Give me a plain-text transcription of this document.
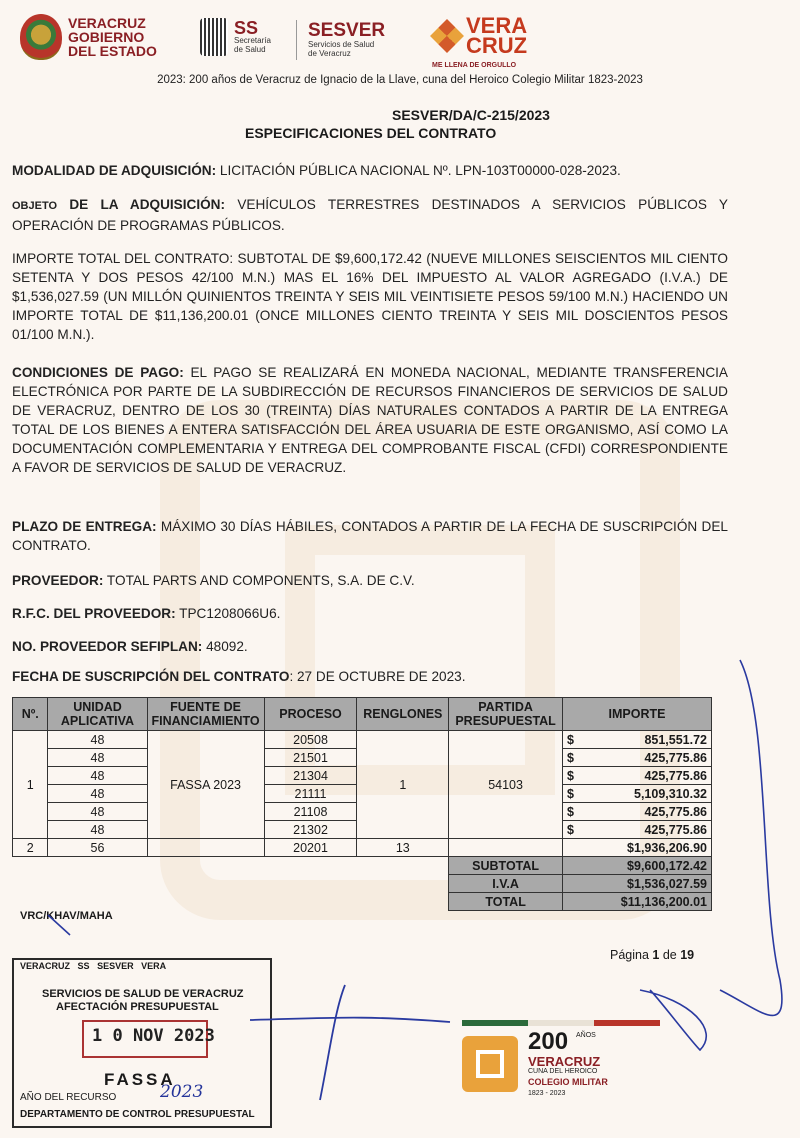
VERACRUZ
GOBIERNO
DEL ESTADO
SS
Secretaría
de Salud
SESVER
Servicios de Salud
de Veracruz
VERA
CRUZ
ME LLENA DE ORGULLO
2023: 200 años de Veracruz de Ignacio de la Llave, cuna del Heroico Colegio Militar 1823-2023
SESVER/DA/C-215/2023
ESPECIFICACIONES DEL CONTRATO
MODALIDAD DE ADQUISICIÓN: LICITACIÓN PÚBLICA NACIONAL Nº. LPN-103T00000-028-2023.
OBJETO DE LA ADQUISICIÓN: VEHÍCULOS TERRESTRES DESTINADOS A SERVICIOS PÚBLICOS Y OPERACIÓN DE PROGRAMAS PÚBLICOS.
IMPORTE TOTAL DEL CONTRATO: SUBTOTAL DE $9,600,172.42 (NUEVE MILLONES SEISCIENTOS MIL CIENTO SETENTA Y DOS PESOS 42/100 M.N.) MAS EL 16% DEL IMPUESTO AL VALOR AGREGADO (I.V.A.) DE $1,536,027.59 (UN MILLÓN QUINIENTOS TREINTA Y SEIS MIL VEINTISIETE PESOS 59/100 M.N.) HACIENDO UN IMPORTE TOTAL DE $11,136,200.01 (ONCE MILLONES CIENTO TREINTA Y SEIS MIL DOSCIENTOS PESOS 01/100 M.N.).
CONDICIONES DE PAGO: EL PAGO SE REALIZARÁ EN MONEDA NACIONAL, MEDIANTE TRANSFERENCIA ELECTRÓNICA POR PARTE DE LA SUBDIRECCIÓN DE RECURSOS FINANCIEROS DE SERVICIOS DE SALUD DE VERACRUZ, DENTRO DE LOS 30 (TREINTA) DÍAS NATURALES CONTADOS A PARTIR DE LA ENTREGA TOTAL DE LOS BIENES A ENTERA SATISFACCIÓN DEL ÁREA USUARIA DE ESTE ORGANISMO, ASÍ COMO LA DOCUMENTACIÓN COMPLEMENTARIA Y ENTREGA DEL COMPROBANTE FISCAL (CFDI) CORRESPONDIENTE A FAVOR DE SERVICIOS DE SALUD DE VERACRUZ.
PLAZO DE ENTREGA: MÁXIMO 30 DÍAS HÁBILES, CONTADOS A PARTIR DE LA FECHA DE SUSCRIPCIÓN DEL CONTRATO.
PROVEEDOR: TOTAL PARTS AND COMPONENTS, S.A. DE C.V.
R.F.C. DEL PROVEEDOR: TPC1208066U6.
NO. PROVEEDOR SEFIPLAN: 48092.
FECHA DE SUSCRIPCIÓN DEL CONTRATO: 27 DE OCTUBRE DE 2023.
Nº.	UNIDAD APLICATIVA	FUENTE DE FINANCIAMIENTO	PROCESO	RENGLONES	PARTIDA PRESUPUESTAL	IMPORTE
1	48	FASSA 2023	20508	1	54103	$ 851,551.72

	48		21501			$ 425,775.86

	48		21304			$ 425,775.86

	48		21111			$ 5,109,310.32

	48		21108			$ 425,775.86

	48		21302			$ 425,775.86

2	56		20201	13		$1,936,206.90
					SUBTOTAL	$9,600,172.42
					I.V.A	$1,536,027.59
					TOTAL	$11,136,200.01
VRC/KHAV/MAHA
Página 1 de 19
VERACRUZ SS SESVER VERA
SERVICIOS DE SALUD DE VERACRUZ
AFECTACIÓN PRESUPUESTAL
1 0 NOV 2023
FASSA
AÑO DEL RECURSO	2023
DEPARTAMENTO DE CONTROL PRESUPUESTAL
200 AÑOS
VERACRUZ
CUNA DEL HEROICO
COLEGIO MILITAR
1823 - 2023
